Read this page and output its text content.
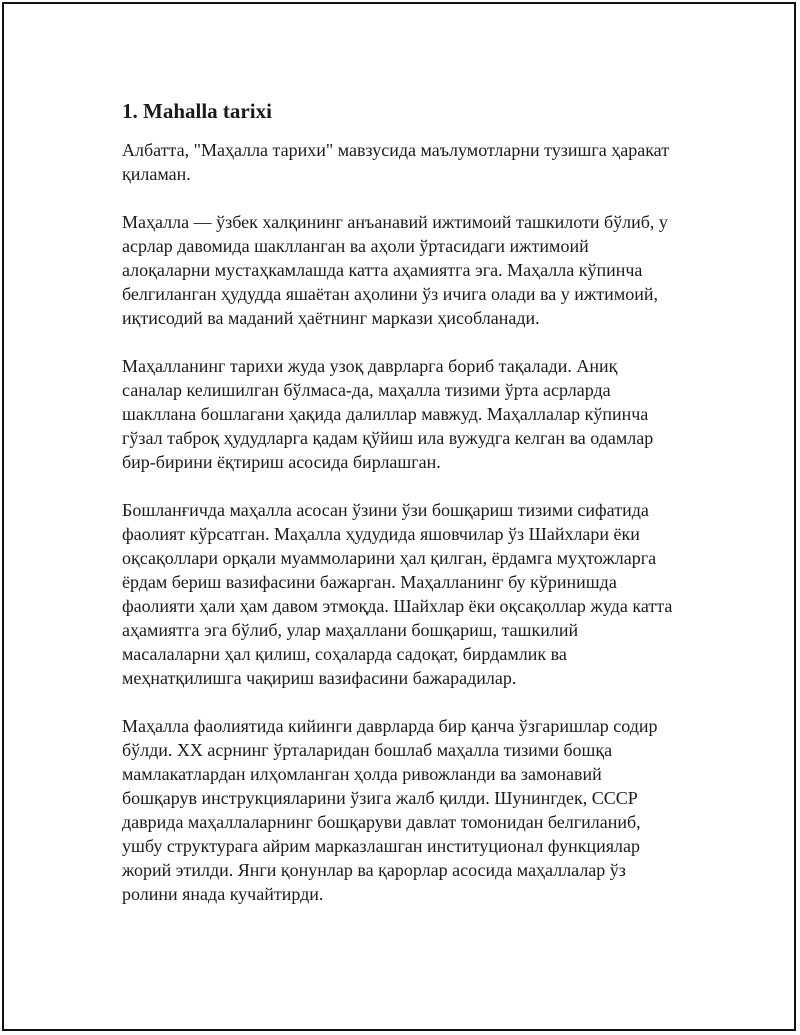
1. Mahalla tarixi

Албатта, "Маҳалла тарихи" мавзусида маълумотларни тузишга ҳаракат
қиламан.

Маҳалла — ўзбек халқининг анъанавий ижтимоий ташкилоти бўлиб, у
асрлар давомида шаклланган ва аҳоли ўртасидаги ижтимоий
алоқаларни мустаҳкамлашда катта аҳамиятга эга. Маҳалла кўпинча
белгиланган ҳудудда яшаётан аҳолини ўз ичига олади ва у ижтимоий,
иқтисодий ва маданий ҳаётнинг маркази ҳисобланади.

Маҳалланинг тарихи жуда узоқ даврларга бориб тақалади. Аниқ
саналар келишилган бўлмаса-да, маҳалла тизими ўрта асрларда
шакллана бошлагани ҳақида далиллар мавжуд. Маҳаллалар кўпинча
гўзал таброқ ҳудудларга қадам қўйиш ила вужудга келган ва одамлар
бир-бирини ёқтириш асосида бирлашган.

Бошланғичда маҳалла асосан ўзини ўзи бошқариш тизими сифатида
фаолият кўрсатган. Маҳалла ҳудудида яшовчилар ўз Шайхлари ёки
оқсақоллари орқали муаммоларини ҳал қилган, ёрдамга муҳтожларга
ёрдам бериш вазифасини бажарган. Маҳалланинг бу кўринишда
фаолияти ҳали ҳам давом этмоқда. Шайхлар ёки оқсақоллар жуда катта
аҳамиятга эга бўлиб, улар маҳаллани бошқариш, ташкилий
масалаларни ҳал қилиш, соҳаларда садоқат, бирдамлик ва
меҳнатқилишга чақириш вазифасини бажарадилар.

Маҳалла фаолиятида кийинги даврларда бир қанча ўзгаришлар содир
бўлди. XX асрнинг ўрталаридан бошлаб маҳалла тизими бошқа
мамлакатлардан илҳомланган ҳолда ривожланди ва замонавий
бошқарув инструкцияларини ўзига жалб қилди. Шунингдек, СССР
даврида маҳаллаларнинг бошқаруви давлат томонидан белгиланиб,
ушбу структурага айрим марказлашган институционал функциялар
жорий этилди. Янги қонунлар ва қарорлар асосида маҳаллалар ўз
ролини янада кучайтирди.
